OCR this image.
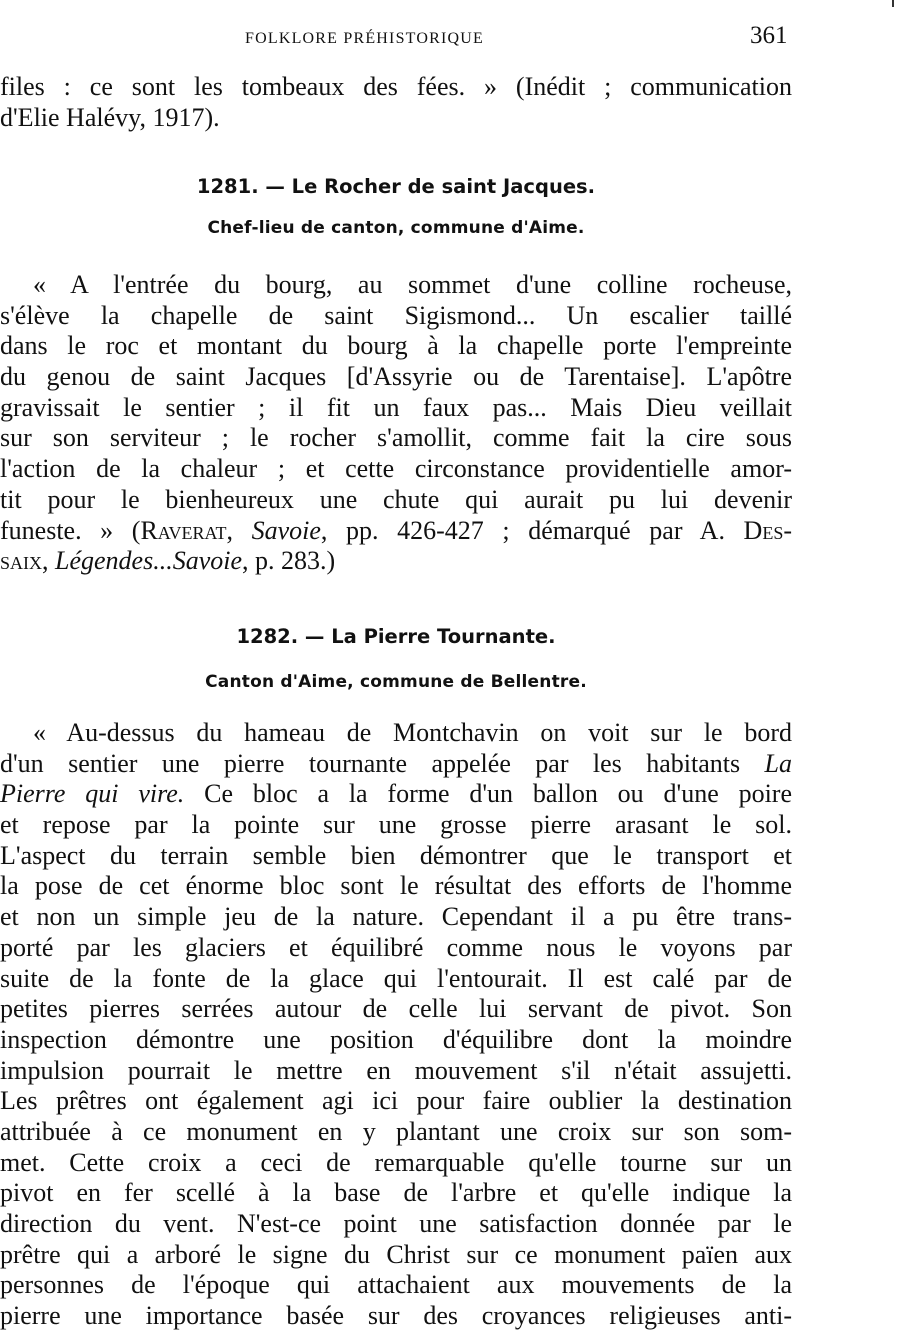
FOLKLORE PRÉHISTORIQUE	361
files : ce sont les tombeaux des fées. » (Inédit ; communication
d'Elie Halévy, 1917).
1281. — Le Rocher de saint Jacques.
Chef-lieu de canton, commune d'Aime.
« A l'entrée du bourg, au sommet d'une colline rocheuse,
s'élève la chapelle de saint Sigismond... Un escalier taillé
dans le roc et montant du bourg à la chapelle porte l'empreinte
du genou de saint Jacques [d'Assyrie ou de Tarentaise]. L'apôtre
gravissait le sentier ; il fit un faux pas... Mais Dieu veillait
sur son serviteur ; le rocher s'amollit, comme fait la cire sous
l'action de la chaleur ; et cette circonstance providentielle amor-
tit pour le bienheureux une chute qui aurait pu lui devenir
funeste. » (Raverat, Savoie, pp. 426-427 ; démarqué par A. Des-
saix, Légendes...Savoie, p. 283.)
1282. — La Pierre Tournante.
Canton d'Aime, commune de Bellentre.
« Au-dessus du hameau de Montchavin on voit sur le bord
d'un sentier une pierre tournante appelée par les habitants La
Pierre qui vire. Ce bloc a la forme d'un ballon ou d'une poire
et repose par la pointe sur une grosse pierre arasant le sol.
L'aspect du terrain semble bien démontrer que le transport et
la pose de cet énorme bloc sont le résultat des efforts de l'homme
et non un simple jeu de la nature. Cependant il a pu être trans-
porté par les glaciers et équilibré comme nous le voyons par
suite de la fonte de la glace qui l'entourait. Il est calé par de
petites pierres serrées autour de celle lui servant de pivot. Son
inspection démontre une position d'équilibre dont la moindre
impulsion pourrait le mettre en mouvement s'il n'était assujetti.
Les prêtres ont également agi ici pour faire oublier la destination
attribuée à ce monument en y plantant une croix sur son som-
met. Cette croix a ceci de remarquable qu'elle tourne sur un
pivot en fer scellé à la base de l'arbre et qu'elle indique la
direction du vent. N'est-ce point une satisfaction donnée par le
prêtre qui a arboré le signe du Christ sur ce monument païen aux
personnes de l'époque qui attachaient aux mouvements de la
pierre une importance basée sur des croyances religieuses anti-
